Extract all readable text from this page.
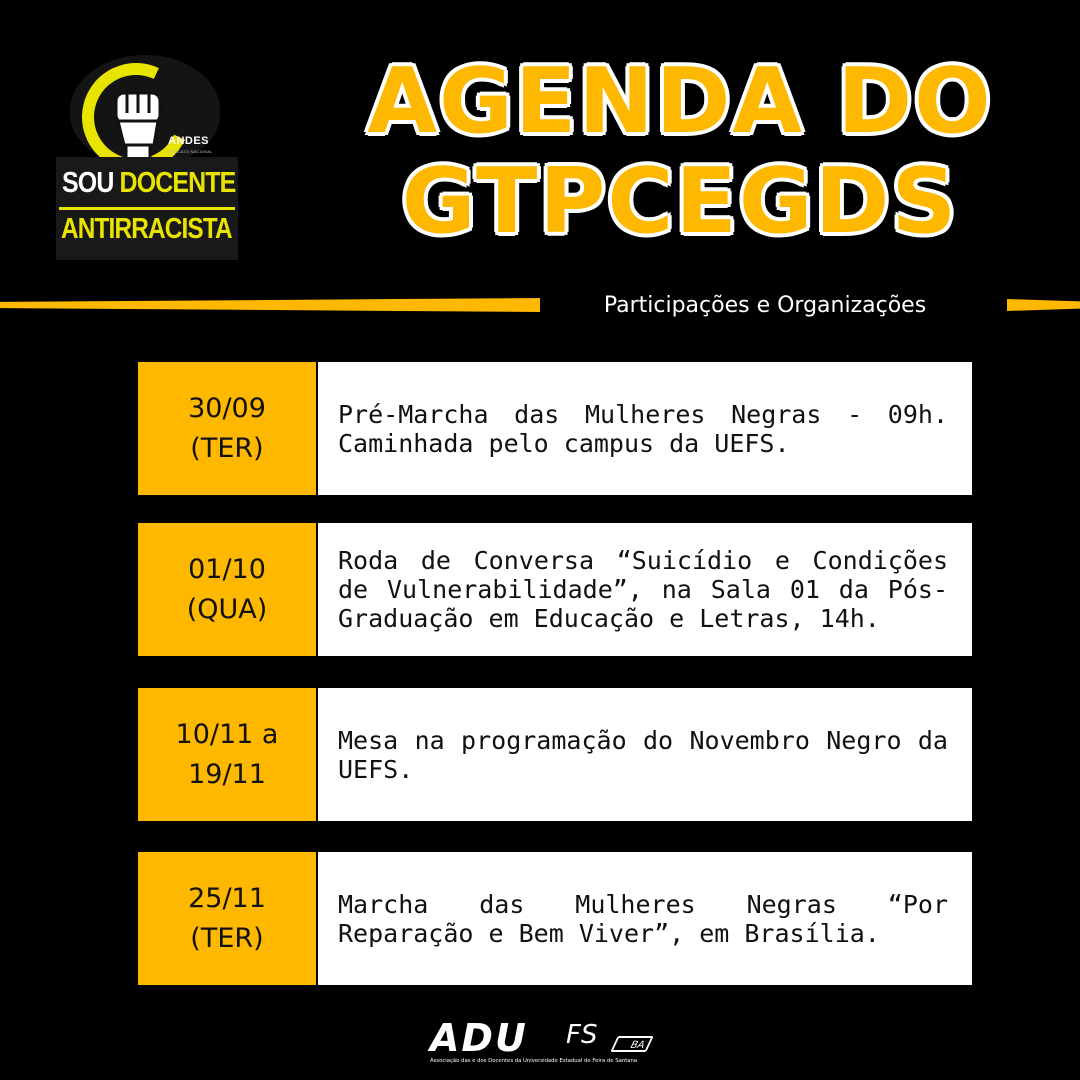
ANDES
SINDICATO NACIONAL
SOU DOCENTE
ANTIRRACISTA
AGENDA DO
GTPCEGDS
Participações e Organizações
30/09
(TER)

Pré-Marcha das Mulheres Negras - 09h. Caminhada pelo campus da UEFS.

01/10
(QUA)

Roda de Conversa “Suicídio e Condições de Vulnerabilidade”, na Sala 01 da Pós-Graduação em Educação e Letras, 14h.

10/11 a
19/11

Mesa na programação do Novembro Negro da UEFS.

25/11
(TER)

Marcha das Mulheres Negras “Por Reparação e Bem Viver”, em Brasília.

ADU FS	BA
Associação das e dos Docentes da Universidade Estadual de Feira de Santana
